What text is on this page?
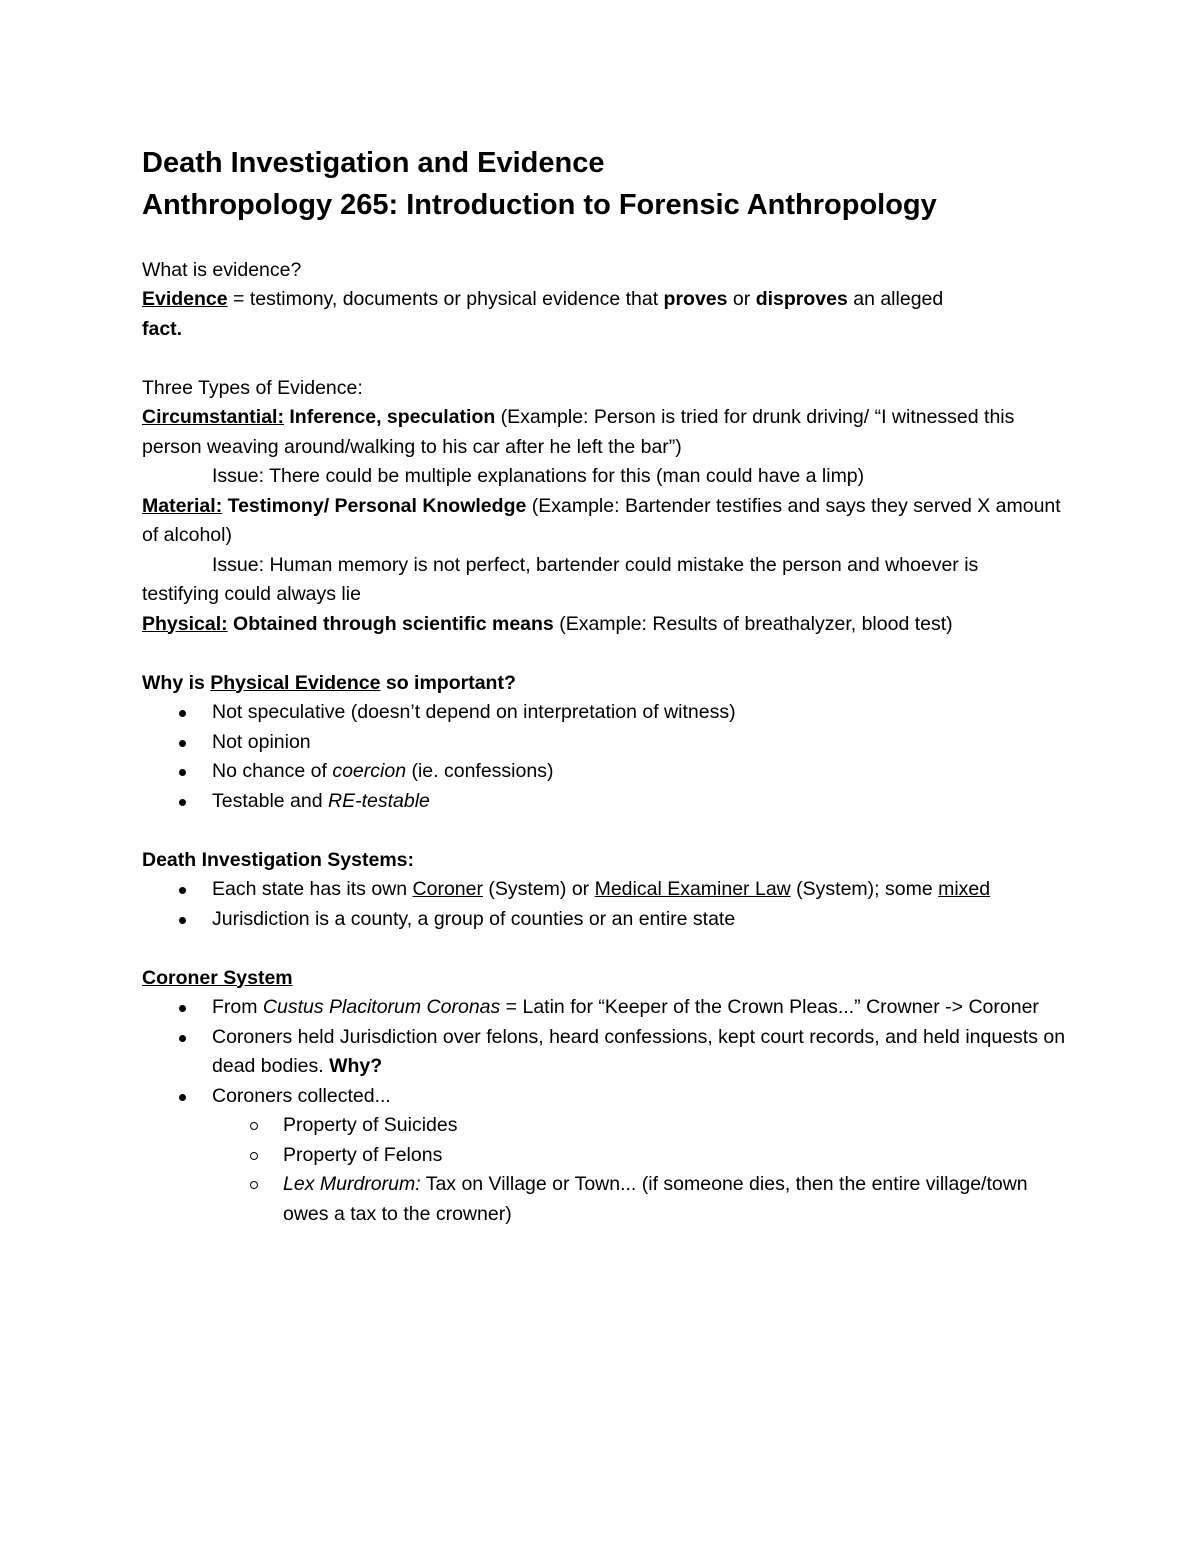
Death Investigation and Evidence
Anthropology 265: Introduction to Forensic Anthropology
What is evidence?
Evidence = testimony, documents or physical evidence that proves or disproves an alleged
fact.
Three Types of Evidence:
Circumstantial: Inference, speculation (Example: Person is tried for drunk driving/ “I witnessed this person weaving around/walking to his car after he left the bar”)
Issue: There could be multiple explanations for this (man could have a limp)
Material: Testimony/ Personal Knowledge (Example: Bartender testifies and says they served X amount of alcohol)
Issue: Human memory is not perfect, bartender could mistake the person and whoever is
testifying could always lie
Physical: Obtained through scientific means (Example: Results of breathalyzer, blood test)
Why is Physical Evidence so important?
Not speculative (doesn’t depend on interpretation of witness)
Not opinion
No chance of coercion (ie. confessions)
Testable and RE-testable
Death Investigation Systems:
Each state has its own Coroner (System) or Medical Examiner Law (System); some mixed
Jurisdiction is a county, a group of counties or an entire state
Coroner System
From Custus Placitorum Coronas = Latin for “Keeper of the Crown Pleas...” Crowner -> Coroner
Coroners held Jurisdiction over felons, heard confessions, kept court records, and held inquests on dead bodies. Why?
Coroners collected...
Property of Suicides
Property of Felons
Lex Murdrorum: Tax on Village or Town... (if someone dies, then the entire village/town owes a tax to the crowner)
